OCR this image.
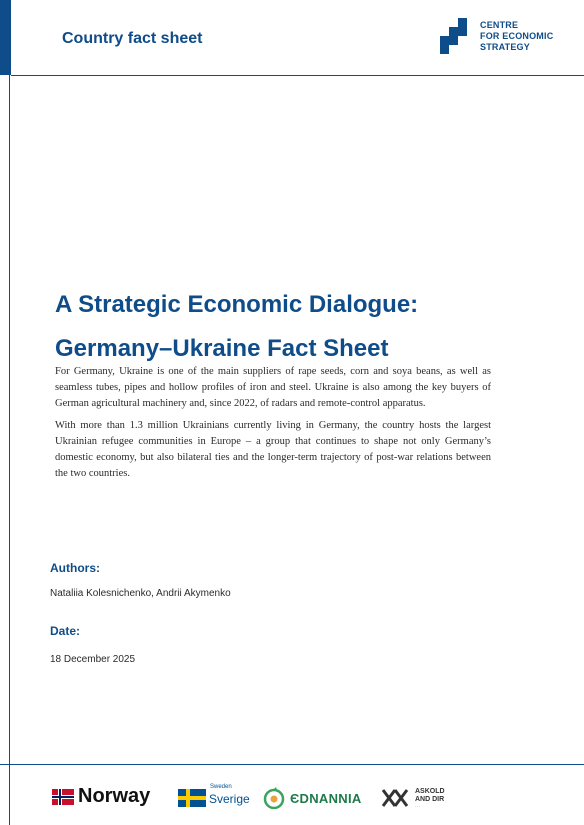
Country fact sheet
CENTRE
FOR ECONOMIC
STRATEGY
A Strategic Economic Dialogue:
Germany–Ukraine Fact Sheet

For Germany, Ukraine is one of the main suppliers of rape seeds, corn and soya beans, as well as seamless tubes, pipes and hollow profiles of iron and steel. Ukraine is also among the key buyers of German agricultural machinery and, since 2022, of radars and remote-control apparatus.

With more than 1.3 million Ukrainians currently living in Germany, the country hosts the largest Ukrainian refugee communities in Europe – a group that continues to shape not only Germany’s domestic economy, but also bilateral ties and the longer-term trajectory of post-war relations between the two countries.

Authors:
Nataliia Kolesnichenko, Andrii Akymenko
Date:
18 December 2025
Norway	Sweden
Sverige	ЄDNANNIA	ASKOLD
AND DIR
· · ·
